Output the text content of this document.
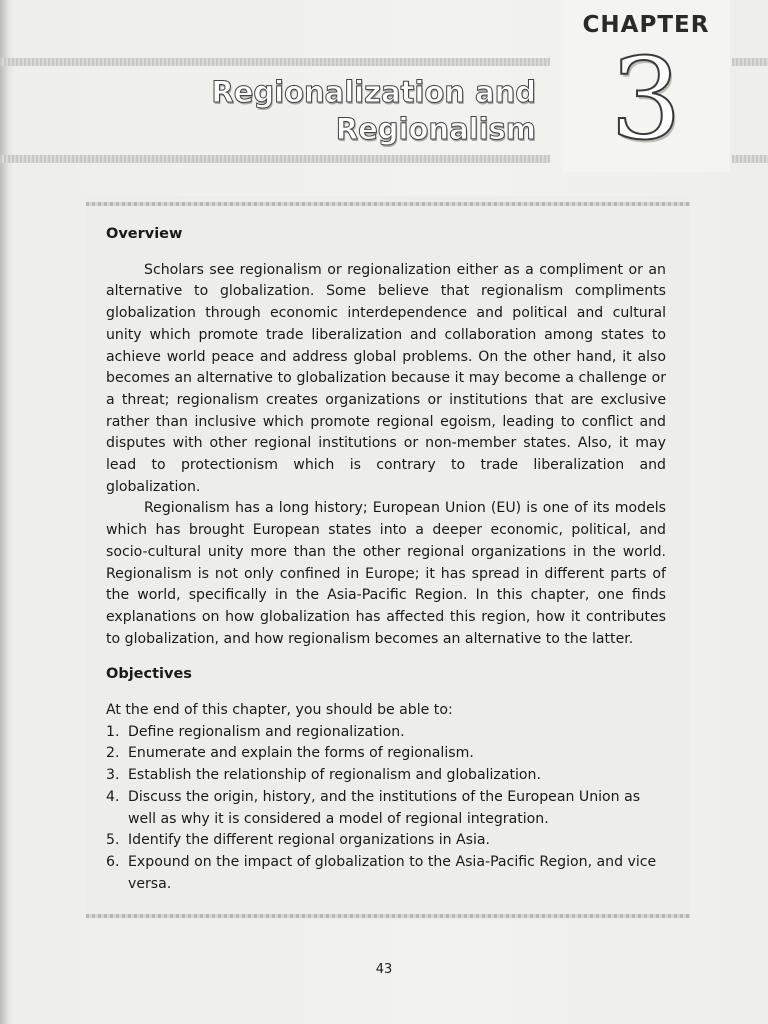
CHAPTER
3
Regionalization and
Regionalism
Overview

Scholars see regionalism or regionalization either as a compliment or an alternative to globalization. Some believe that regionalism compliments globalization through economic interdependence and political and cultural unity which promote trade liberalization and collaboration among states to achieve world peace and address global problems. On the other hand, it also becomes an alternative to globalization because it may become a challenge or a threat; regionalism creates organizations or institutions that are exclusive rather than inclusive which promote regional egoism, leading to conflict and disputes with other regional institutions or non-member states. Also, it may lead to protectionism which is contrary to trade liberalization and globalization.

Regionalism has a long history; European Union (EU) is one of its models which has brought European states into a deeper economic, political, and socio-cultural unity more than the other regional organizations in the world. Regionalism is not only confined in Europe; it has spread in different parts of the world, specifically in the Asia-Pacific Region. In this chapter, one finds explanations on how globalization has affected this region, how it contributes to globalization, and how regionalism becomes an alternative to the latter.

Objectives

At the end of this chapter, you should be able to:

1. Define regionalism and regionalization.
2. Enumerate and explain the forms of regionalism.
3. Establish the relationship of regionalism and globalization.
4. Discuss the origin, history, and the institutions of the European Union as well as why it is considered a model of regional integration.
5. Identify the different regional organizations in Asia.
6. Expound on the impact of globalization to the Asia-Pacific Region, and vice versa.
43
